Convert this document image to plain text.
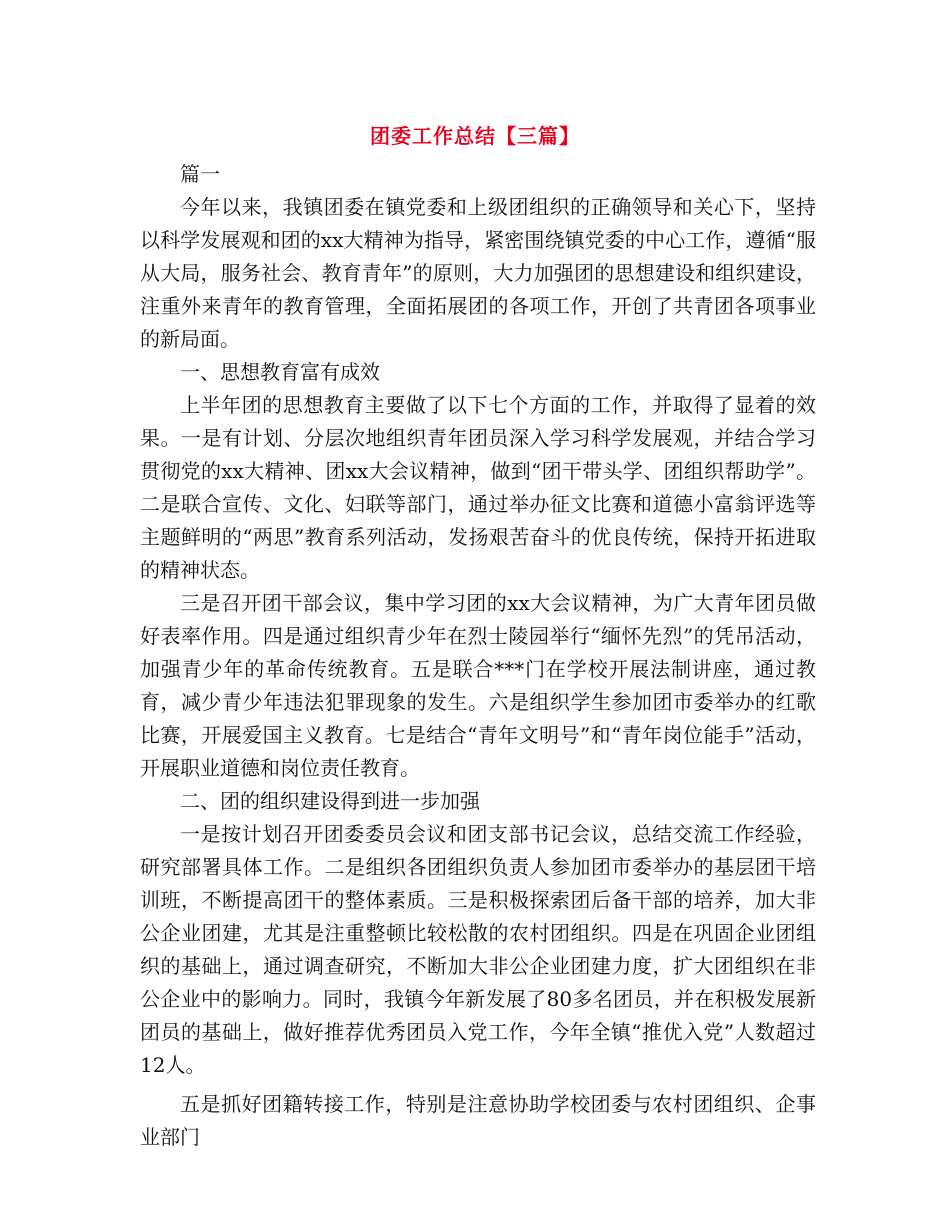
团委工作总结【三篇】

篇一

今年以来，我镇团委在镇党委和上级团组织的正确领导和关心下，坚持以科学发展观和团的xx大精神为指导，紧密围绕镇党委的中心工作，遵循“服从大局，服务社会、教育青年”的原则，大力加强团的思想建设和组织建设，注重外来青年的教育管理，全面拓展团的各项工作，开创了共青团各项事业的新局面。

一、思想教育富有成效

上半年团的思想教育主要做了以下七个方面的工作，并取得了显着的效果。一是有计划、分层次地组织青年团员深入学习科学发展观，并结合学习贯彻党的xx大精神、团xx大会议精神，做到“团干带头学、团组织帮助学”。二是联合宣传、文化、妇联等部门，通过举办征文比赛和道德小富翁评选等主题鲜明的“两思”教育系列活动，发扬艰苦奋斗的优良传统，保持开拓进取的精神状态。

三是召开团干部会议，集中学习团的xx大会议精神，为广大青年团员做好表率作用。四是通过组织青少年在烈士陵园举行“缅怀先烈”的凭吊活动，加强青少年的革命传统教育。五是联合***门在学校开展法制讲座，通过教育，减少青少年违法犯罪现象的发生。六是组织学生参加团市委举办的红歌比赛，开展爱国主义教育。七是结合“青年文明号”和“青年岗位能手”活动，开展职业道德和岗位责任教育。

二、团的组织建设得到进一步加强

一是按计划召开团委委员会议和团支部书记会议，总结交流工作经验，研究部署具体工作。二是组织各团组织负责人参加团市委举办的基层团干培训班，不断提高团干的整体素质。三是积极探索团后备干部的培养，加大非公企业团建，尤其是注重整顿比较松散的农村团组织。四是在巩固企业团组织的基础上，通过调查研究，不断加大非公企业团建力度，扩大团组织在非公企业中的影响力。同时，我镇今年新发展了80多名团员，并在积极发展新团员的基础上，做好推荐优秀团员入党工作，今年全镇“推优入党”人数超过12人。

五是抓好团籍转接工作，特别是注意协助学校团委与农村团组织、企事业部门
